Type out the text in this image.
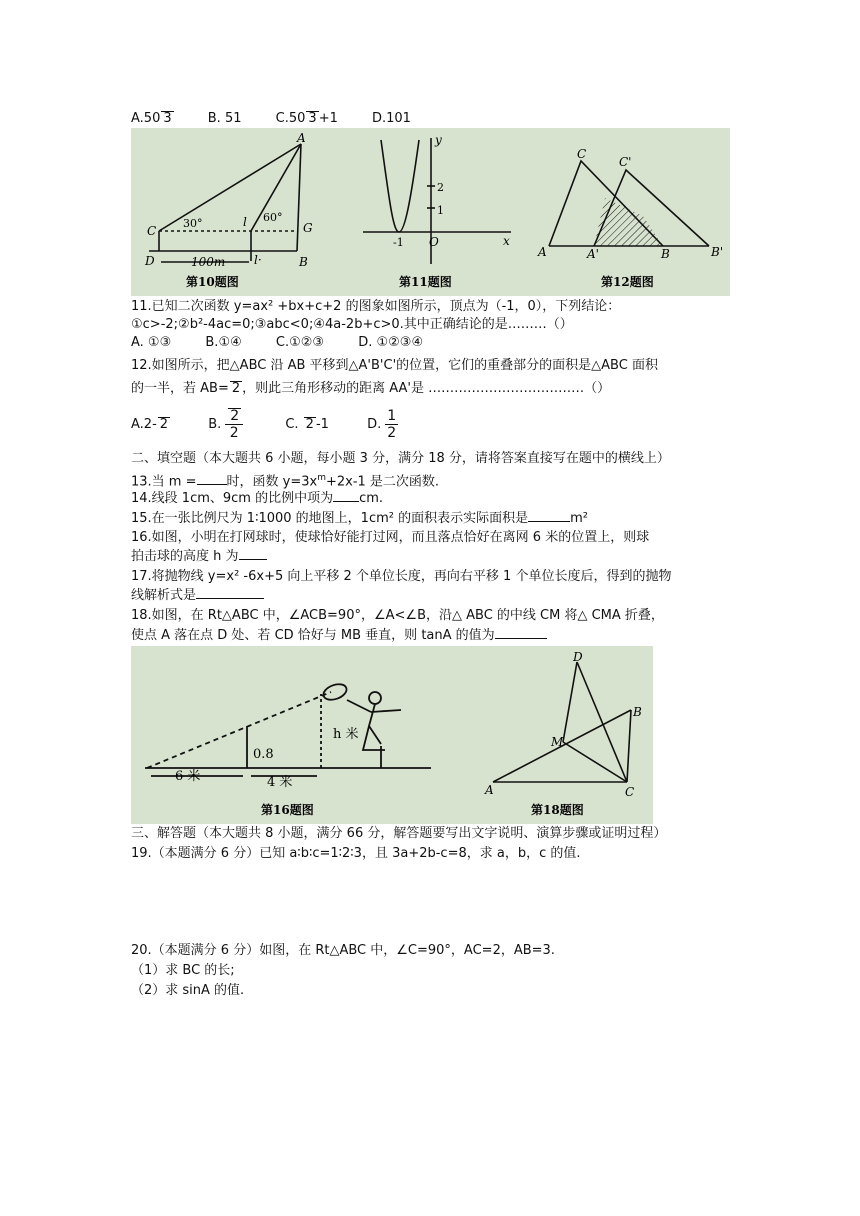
A.50 3	B. 51	C.50 3 +1	D.101
A
B
C
D
G
l
l·
30°	60°
100m
第10题图
y
x
O
-1
1
2
第11题图
C
C'
A	A'	B	B'
第12题图
11.已知二次函数 y=ax² +bx+c+2 的图象如图所示，顶点为（-1，0），下列结论：
①c>-2;②b²-4ac=0;③abc<0;④4a-2b+c>0.其中正确结论的是………（）
A. ①③	B.①④	C.①②③	D. ①②③④
12.如图所示，把△ABC 沿 AB 平移到△A'B'C'的位置，它们的重叠部分的面积是△ABC 面积
的一半，若 AB= 2 ，则此三角形移动的距离 AA'是 ………………………………（）
A.2- 2	B. $\frac{2}{2}$	C. 2 -1	D. $\frac{1}{2}$
二、填空题（本大题共 6 小题，每小题 3 分，满分 18 分，请将答案直接写在题中的横线上）
13.当 m = 时，函数 $y=3x^m+2x-1$ 是二次函数.
14.线段 1cm、9cm 的比例中项为 cm.
15.在一张比例尺为 1∶1000 的地图上，1cm² 的面积表示实际面积是	m²
16.如图，小明在打网球时，使球恰好能打过网，而且落点恰好在离网 6 米的位置上，则球
拍击球的高度 h 为
17.将抛物线 y=x² -6x+5 向上平移 2 个单位长度，再向右平移 1 个单位长度后，得到的抛物
线解析式是
18.如图，在 Rt△ABC 中，∠ACB=90°，∠A<∠B，沿△ ABC 的中线 CM 将△ CMA 折叠，
使点 A 落在点 D 处、若 CD 恰好与 MB 垂直，则 tanA 的值为
6 米	4 米
0.8
h 米
第16题图
A
B
C
D
M
第18题图
三、解答题（本大题共 8 小题，满分 66 分，解答题要写出文字说明、演算步骤或证明过程）
19.（本题满分 6 分）已知 a∶b∶c=1∶2∶3，且 3a+2b-c=8，求 a，b，c 的值.
20.（本题满分 6 分）如图，在 Rt△ABC 中，∠C=90°，AC=2，AB=3.
（1）求 BC 的长;
（2）求 sinA 的值.
